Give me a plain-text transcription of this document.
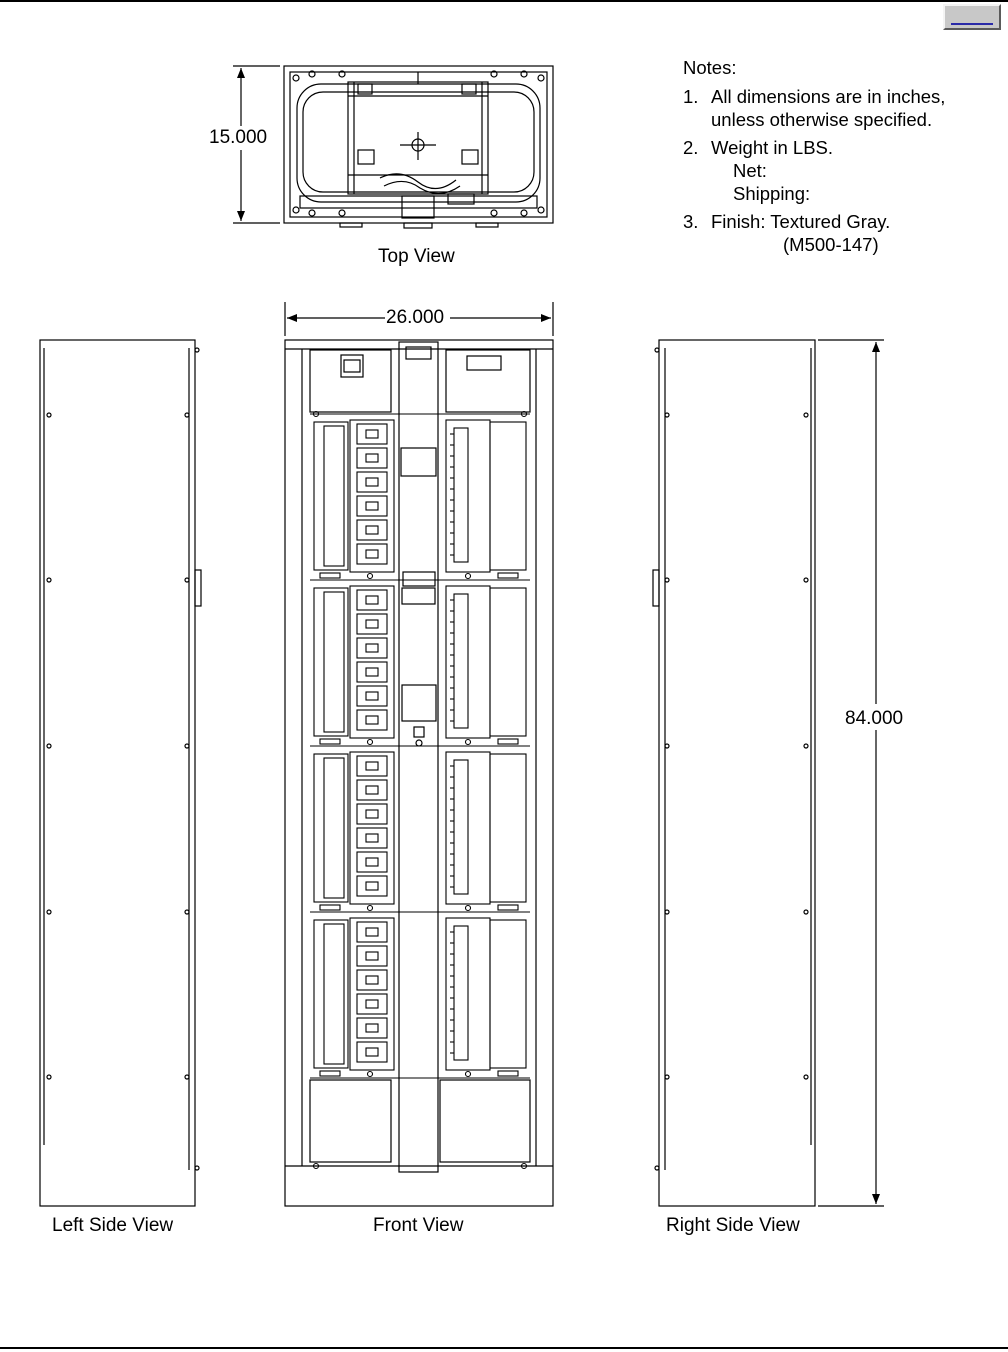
15.000
26.000
84.000
Top View
Front View
Left Side View	Right Side View
Notes:
1. All dimensions are in inches,
unless otherwise specified.
2. Weight in LBS.
Net:
Shipping:
3. Finish: Textured Gray.
(M500-147)
